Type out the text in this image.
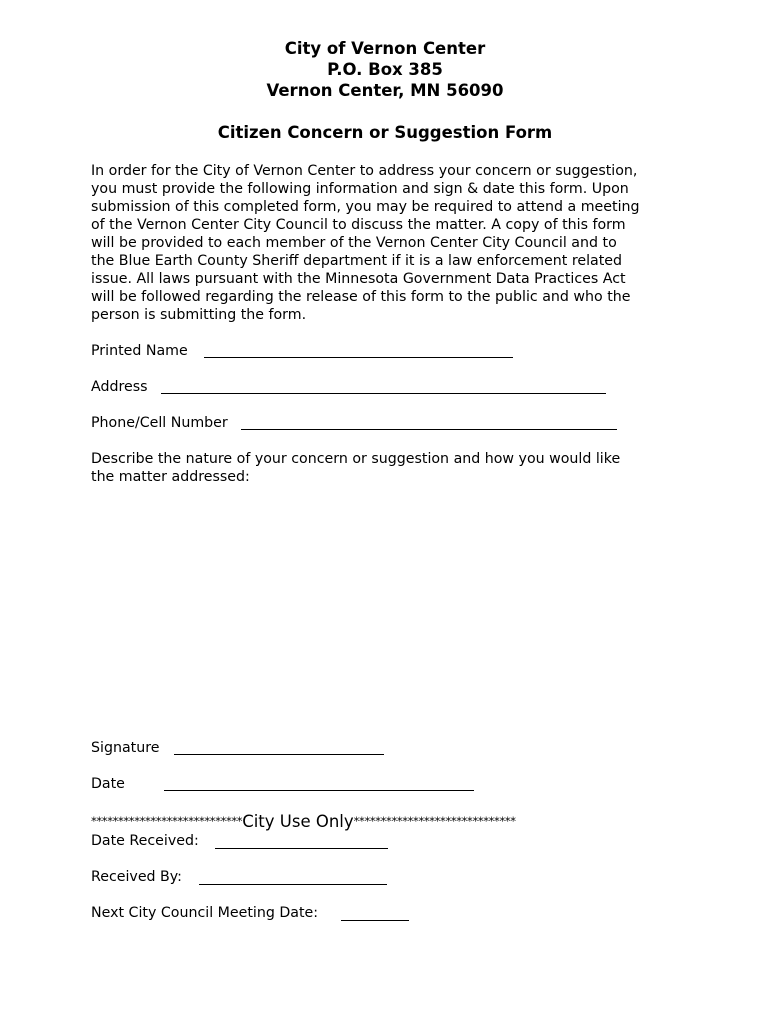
City of Vernon Center
P.O. Box 385
Vernon Center, MN 56090
Citizen Concern or Suggestion Form
In order for the City of Vernon Center to address your concern or suggestion,
you must provide the following information and sign & date this form. Upon
submission of this completed form, you may be required to attend a meeting
of the Vernon Center City Council to discuss the matter. A copy of this form
will be provided to each member of the Vernon Center City Council and to
the Blue Earth County Sheriff department if it is a law enforcement related
issue. All laws pursuant with the Minnesota Government Data Practices Act
will be followed regarding the release of this form to the public and who the
person is submitting the form.
Printed Name
Address
Phone/Cell Number
Describe the nature of your concern or suggestion and how you would like
the matter addressed:
Signature
Date
****************************City Use Only******************************
Date Received:
Received By:
Next City Council Meeting Date:
